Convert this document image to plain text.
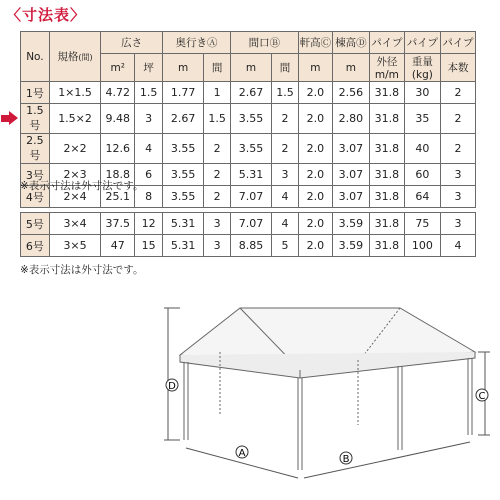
〈寸法表〉
No.	規格(間)	広さ		奥行きⒶ		間口Ⓑ		軒高Ⓒ	棟高Ⓓ	パイプ	パイプ	パイプ
		m²	坪	m	間	m	間	m	m	外径m/m	重量(kg)	本数
1号	1×1.5	4.72	1.5	1.77	1	2.67	1.5	2.0	2.56	31.8	30	2
1.5号	1.5×2	9.48	3	2.67	1.5	3.55	2	2.0	2.80	31.8	35	2
2.5号	2×2	12.6	4	3.55	2	3.55	2	2.0	3.07	31.8	40	2
3号	2×3	18.8	6	3.55	2	5.31	3	2.0	3.07	31.8	60	3
4号	2×4	25.1	8	3.55	2	7.07	4	2.0	3.07	31.8	64	3
※表示寸法は外寸法です。
5号	3×4	37.5	12	5.31	3	7.07	4	2.0	3.59	31.8	75	3
6号	3×5	47	15	5.31	3	8.85	5	2.0	3.59	31.8	100	4
※表示寸法は外寸法です。
D
C
A
B
